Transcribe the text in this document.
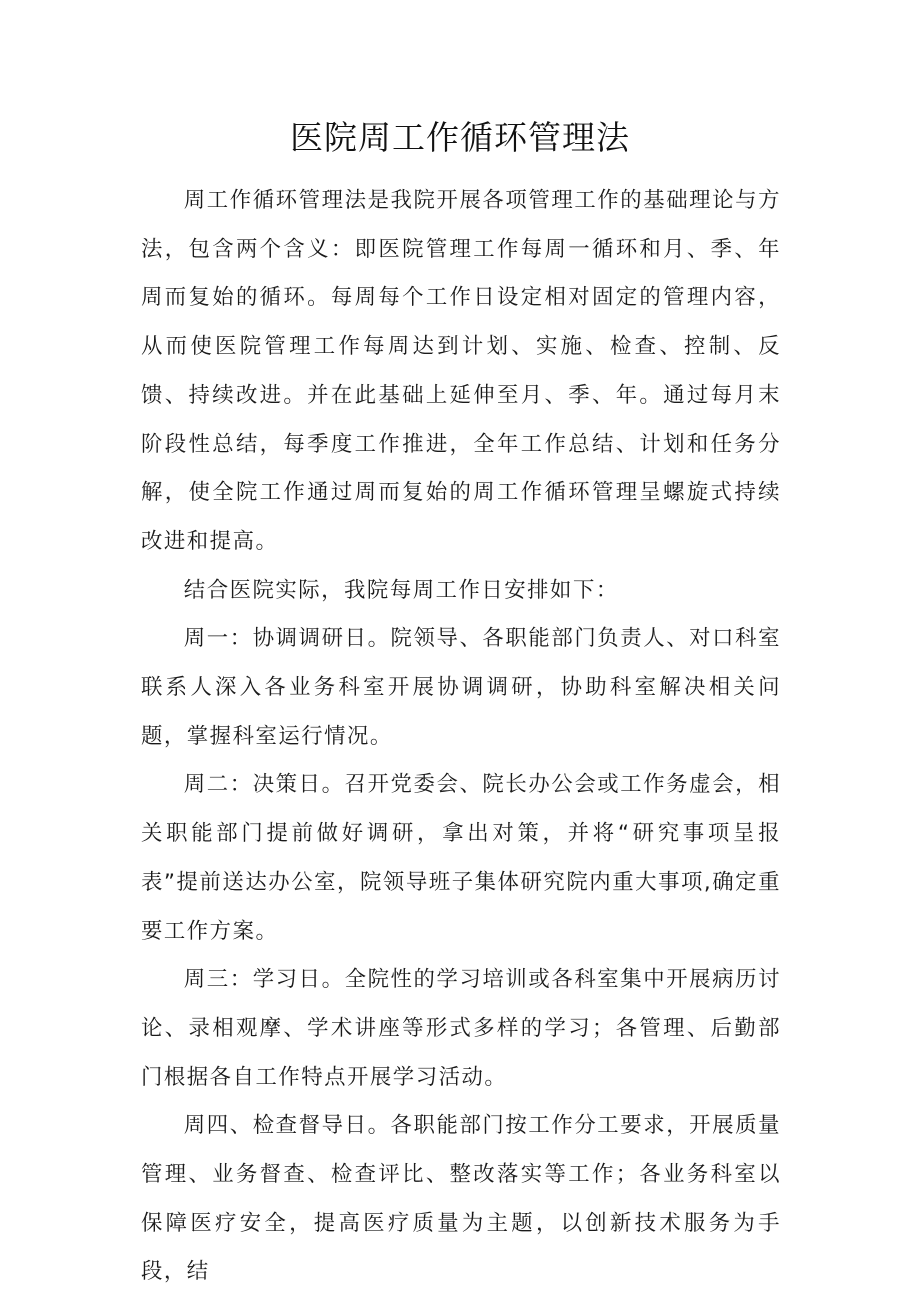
医院周工作循环管理法

周工作循环管理法是我院开展各项管理工作的基础理论与方法，包含两个含义：即医院管理工作每周一循环和月、季、年周而复始的循环。每周每个工作日设定相对固定的管理内容，从而使医院管理工作每周达到计划、实施、检查、控制、反馈、持续改进。并在此基础上延伸至月、季、年。通过每月末阶段性总结，每季度工作推进，全年工作总结、计划和任务分解，使全院工作通过周而复始的周工作循环管理呈螺旋式持续改进和提高。

结合医院实际，我院每周工作日安排如下：

周一：协调调研日。院领导、各职能部门负责人、对口科室联系人深入各业务科室开展协调调研，协助科室解决相关问题，掌握科室运行情况。

周二：决策日。召开党委会、院长办公会或工作务虚会，相关职能部门提前做好调研，拿出对策，并将“研究事项呈报表”提前送达办公室，院领导班子集体研究院内重大事项,确定重要工作方案。

周三：学习日。全院性的学习培训或各科室集中开展病历讨论、录相观摩、学术讲座等形式多样的学习；各管理、后勤部门根据各自工作特点开展学习活动。

周四、检查督导日。各职能部门按工作分工要求，开展质量管理、业务督查、检查评比、整改落实等工作；各业务科室以保障医疗安全，提高医疗质量为主题，以创新技术服务为手段，结
